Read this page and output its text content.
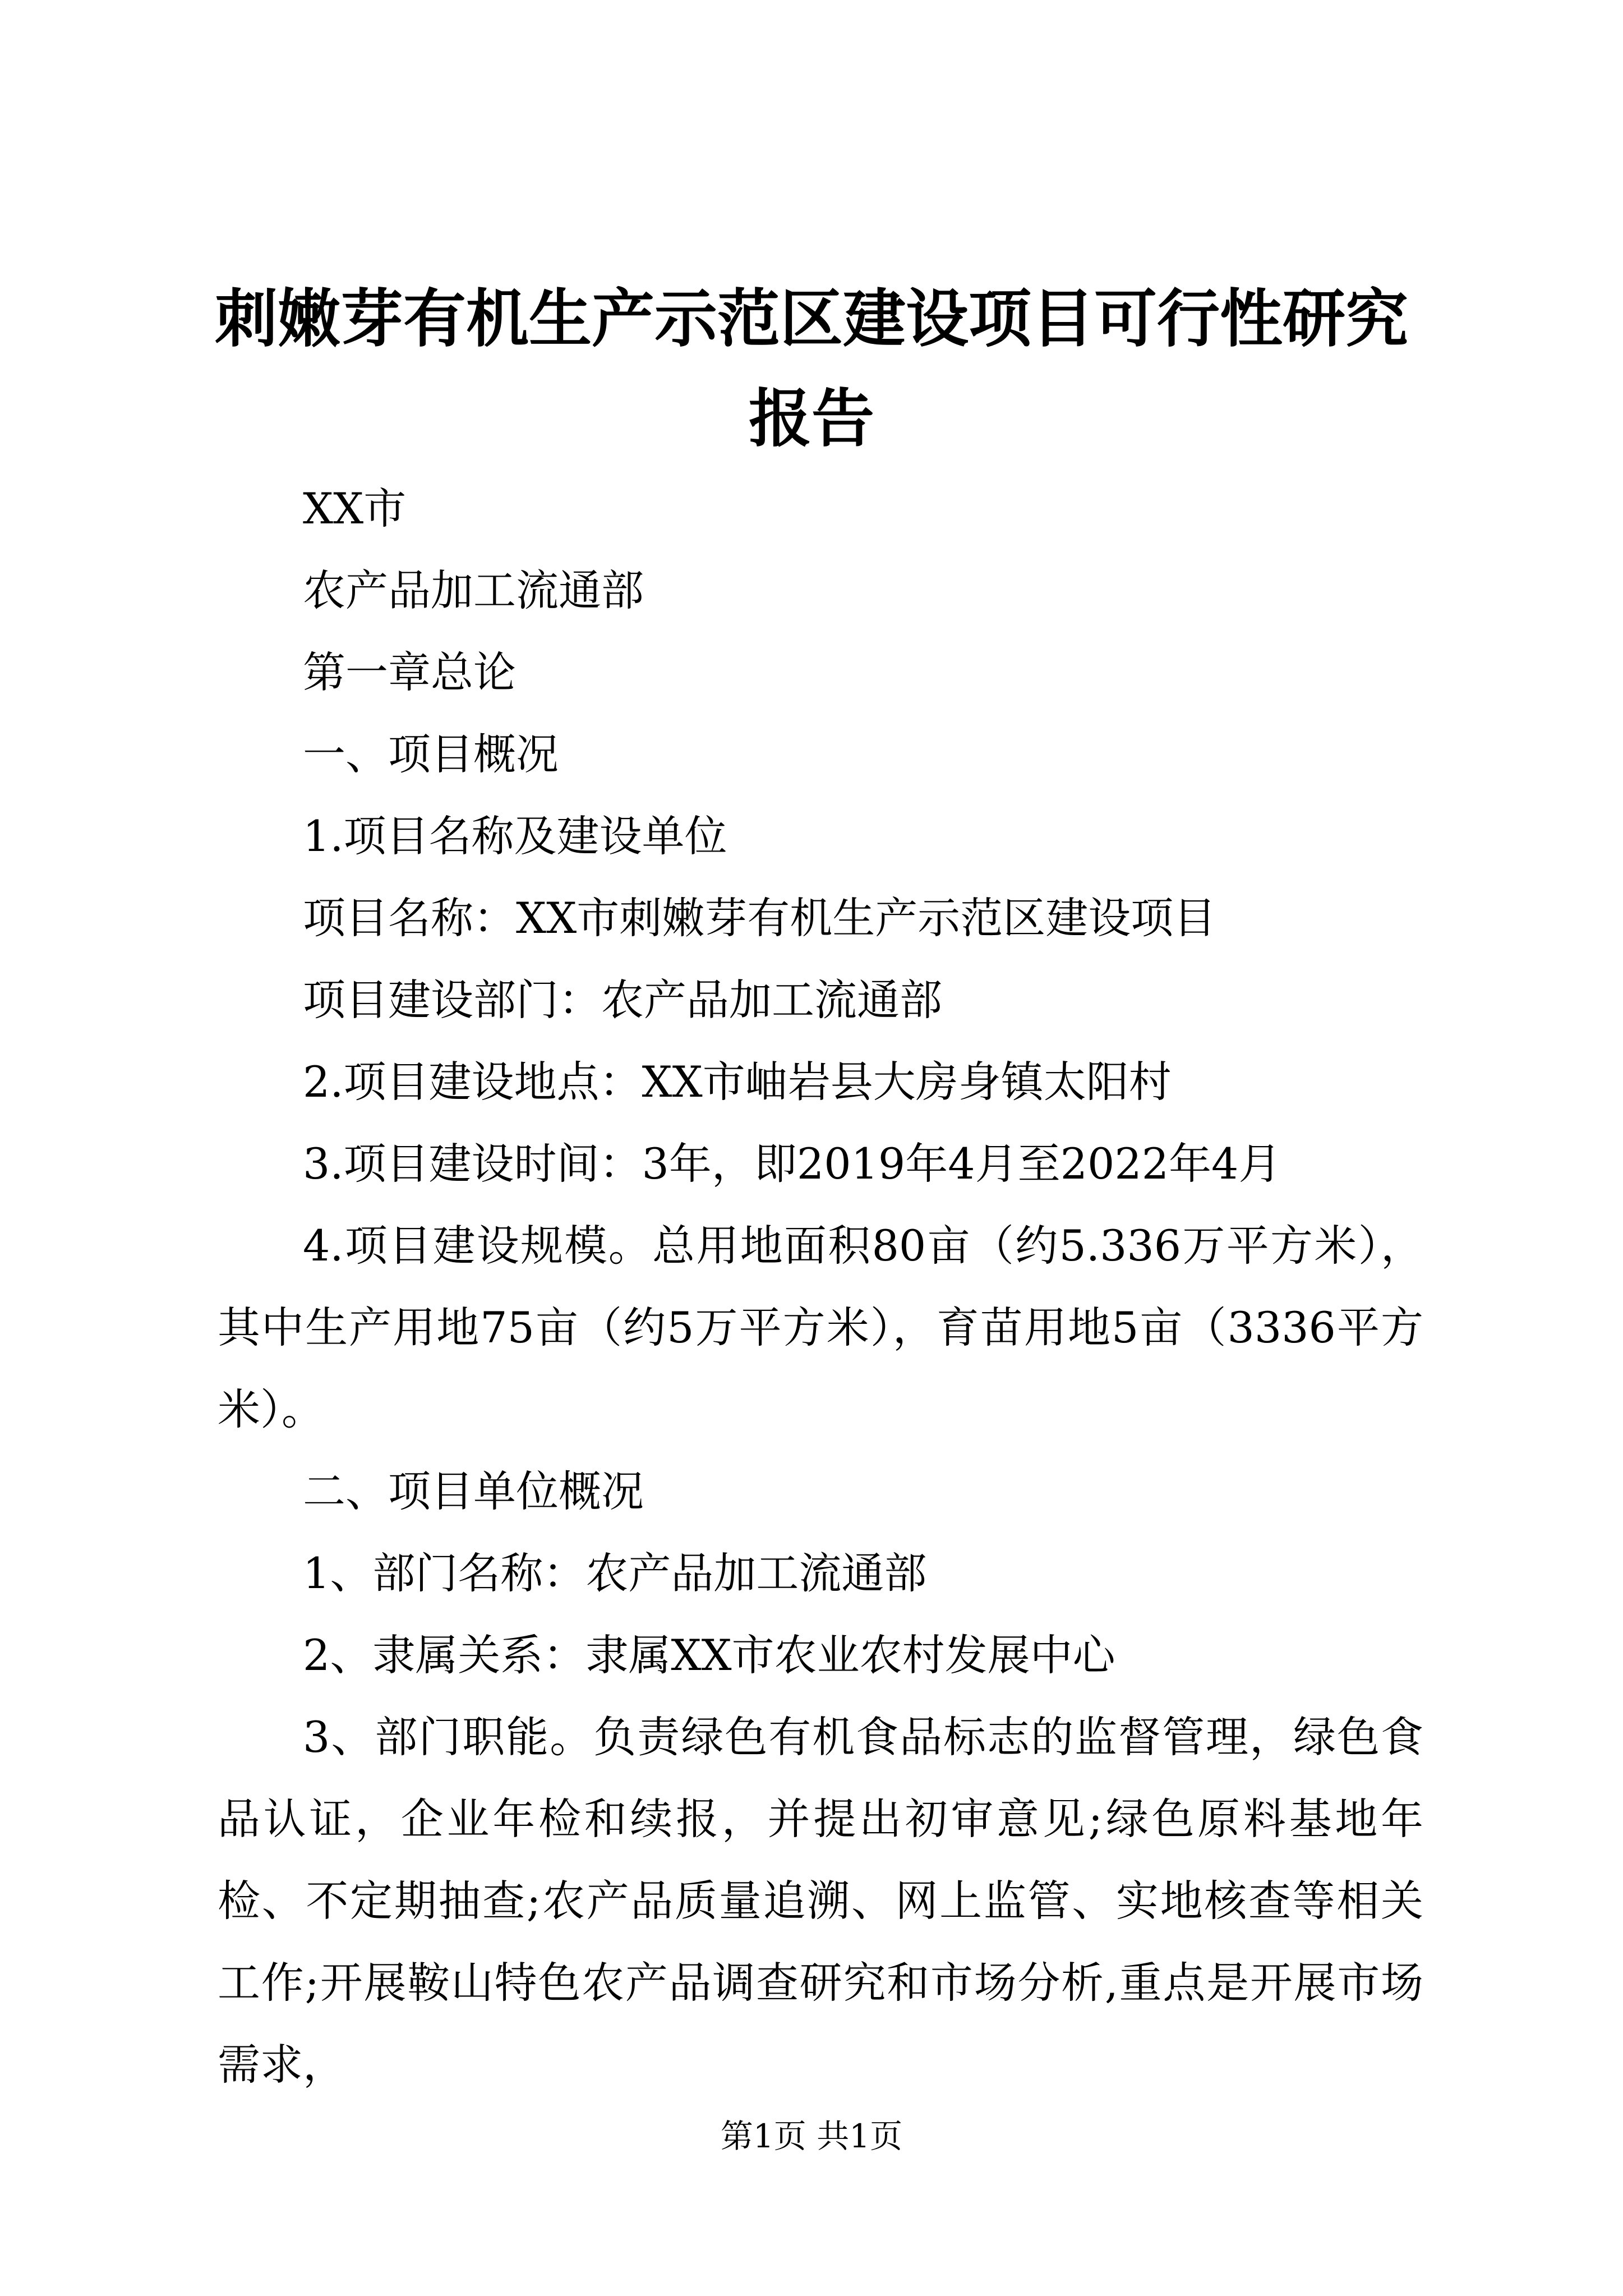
刺嫩芽有机生产示范区建设项目可行性研究报告

XX市

农产品加工流通部

第一章总论

一、项目概况

1.项目名称及建设单位

项目名称：XX市刺嫩芽有机生产示范区建设项目

项目建设部门：农产品加工流通部

2.项目建设地点：XX市岫岩县大房身镇太阳村

3.项目建设时间：3年，即2019年4月至2022年4月

4.项目建设规模。总用地面积80亩（约5.336万平方米），其中生产用地75亩（约5万平方米），育苗用地5亩（3336平方米）。

二、项目单位概况

1、部门名称：农产品加工流通部

2、隶属关系：隶属XX市农业农村发展中心

3、部门职能。负责绿色有机食品标志的监督管理，绿色食品认证，企业年检和续报，并提出初审意见;绿色原料基地年检、不定期抽查;农产品质量追溯、网上监管、实地核查等相关工作;开展鞍山特色农产品调查研究和市场分析,重点是开展市场需求，

第1页 共1页
